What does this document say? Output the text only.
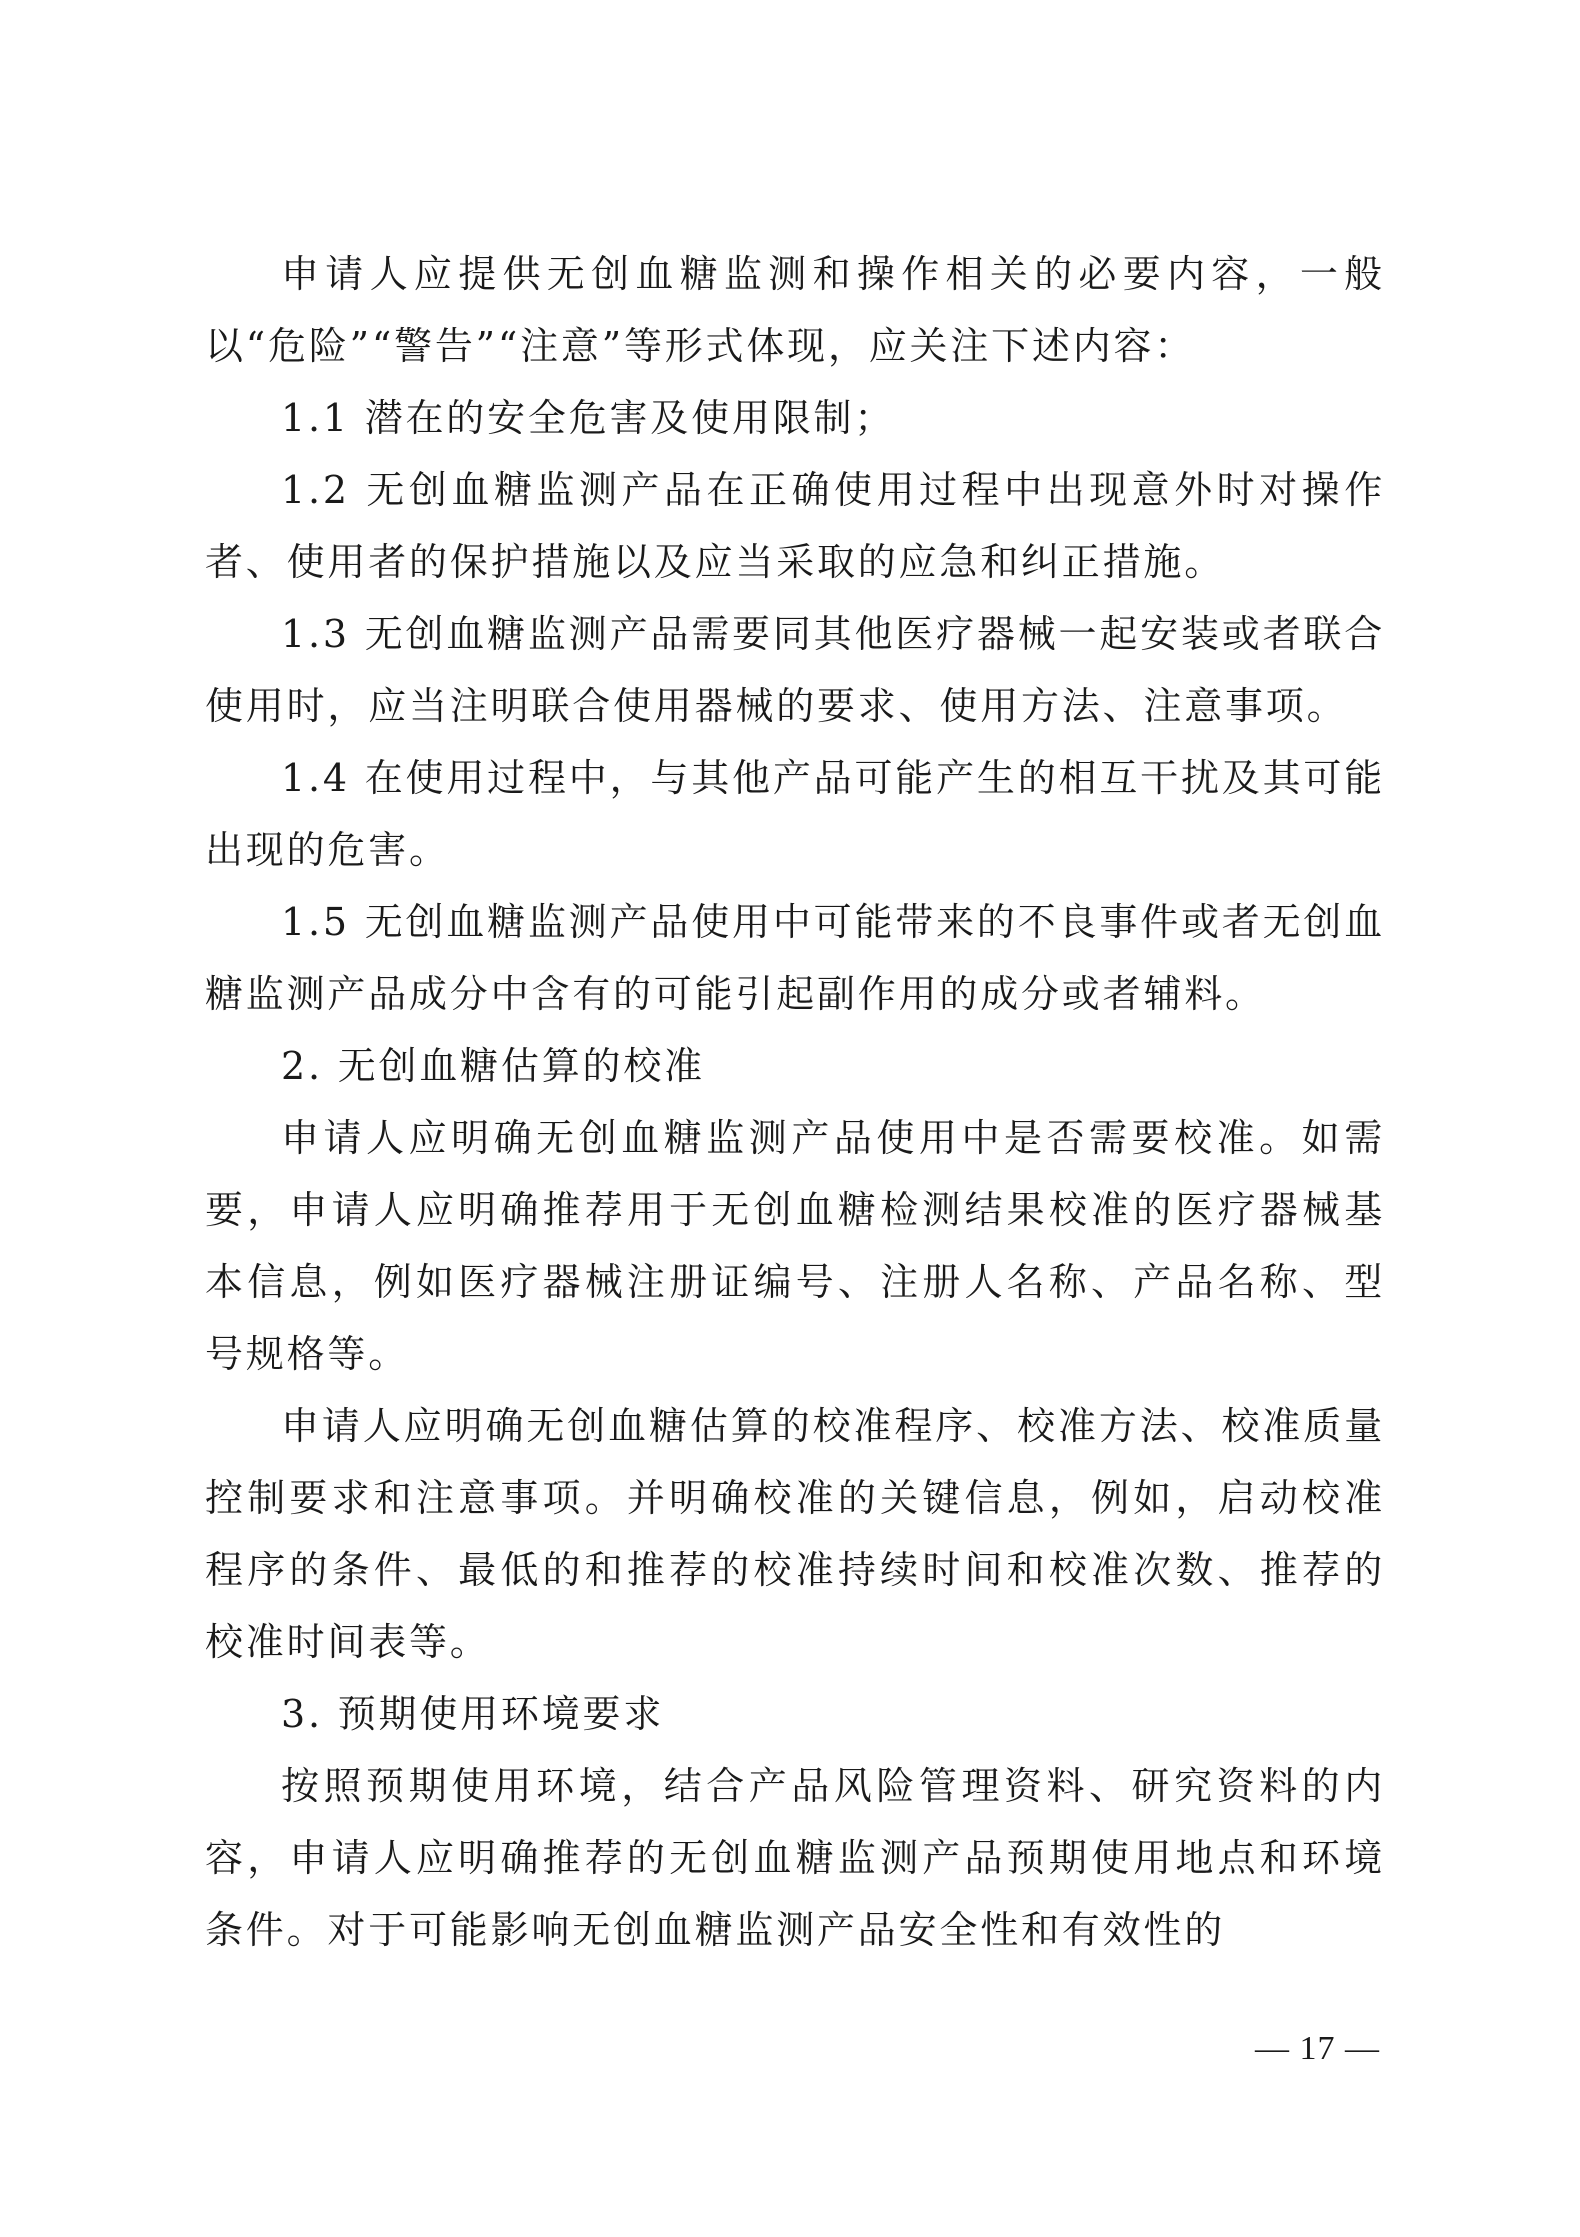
申请人应提供无创血糖监测和操作相关的必要内容，一般以“危险”“警告”“注意”等形式体现，应关注下述内容：

1.1 潜在的安全危害及使用限制；

1.2 无创血糖监测产品在正确使用过程中出现意外时对操作者、使用者的保护措施以及应当采取的应急和纠正措施。

1.3 无创血糖监测产品需要同其他医疗器械一起安装或者联合使用时，应当注明联合使用器械的要求、使用方法、注意事项。

1.4 在使用过程中，与其他产品可能产生的相互干扰及其可能出现的危害。

1.5 无创血糖监测产品使用中可能带来的不良事件或者无创血糖监测产品成分中含有的可能引起副作用的成分或者辅料。

2. 无创血糖估算的校准

申请人应明确无创血糖监测产品使用中是否需要校准。如需要，申请人应明确推荐用于无创血糖检测结果校准的医疗器械基本信息，例如医疗器械注册证编号、注册人名称、产品名称、型号规格等。

申请人应明确无创血糖估算的校准程序、校准方法、校准质量控制要求和注意事项。并明确校准的关键信息，例如，启动校准程序的条件、最低的和推荐的校准持续时间和校准次数、推荐的校准时间表等。

3. 预期使用环境要求

按照预期使用环境，结合产品风险管理资料、研究资料的内容，申请人应明确推荐的无创血糖监测产品预期使用地点和环境条件。对于可能影响无创血糖监测产品安全性和有效性的

— 17 —
